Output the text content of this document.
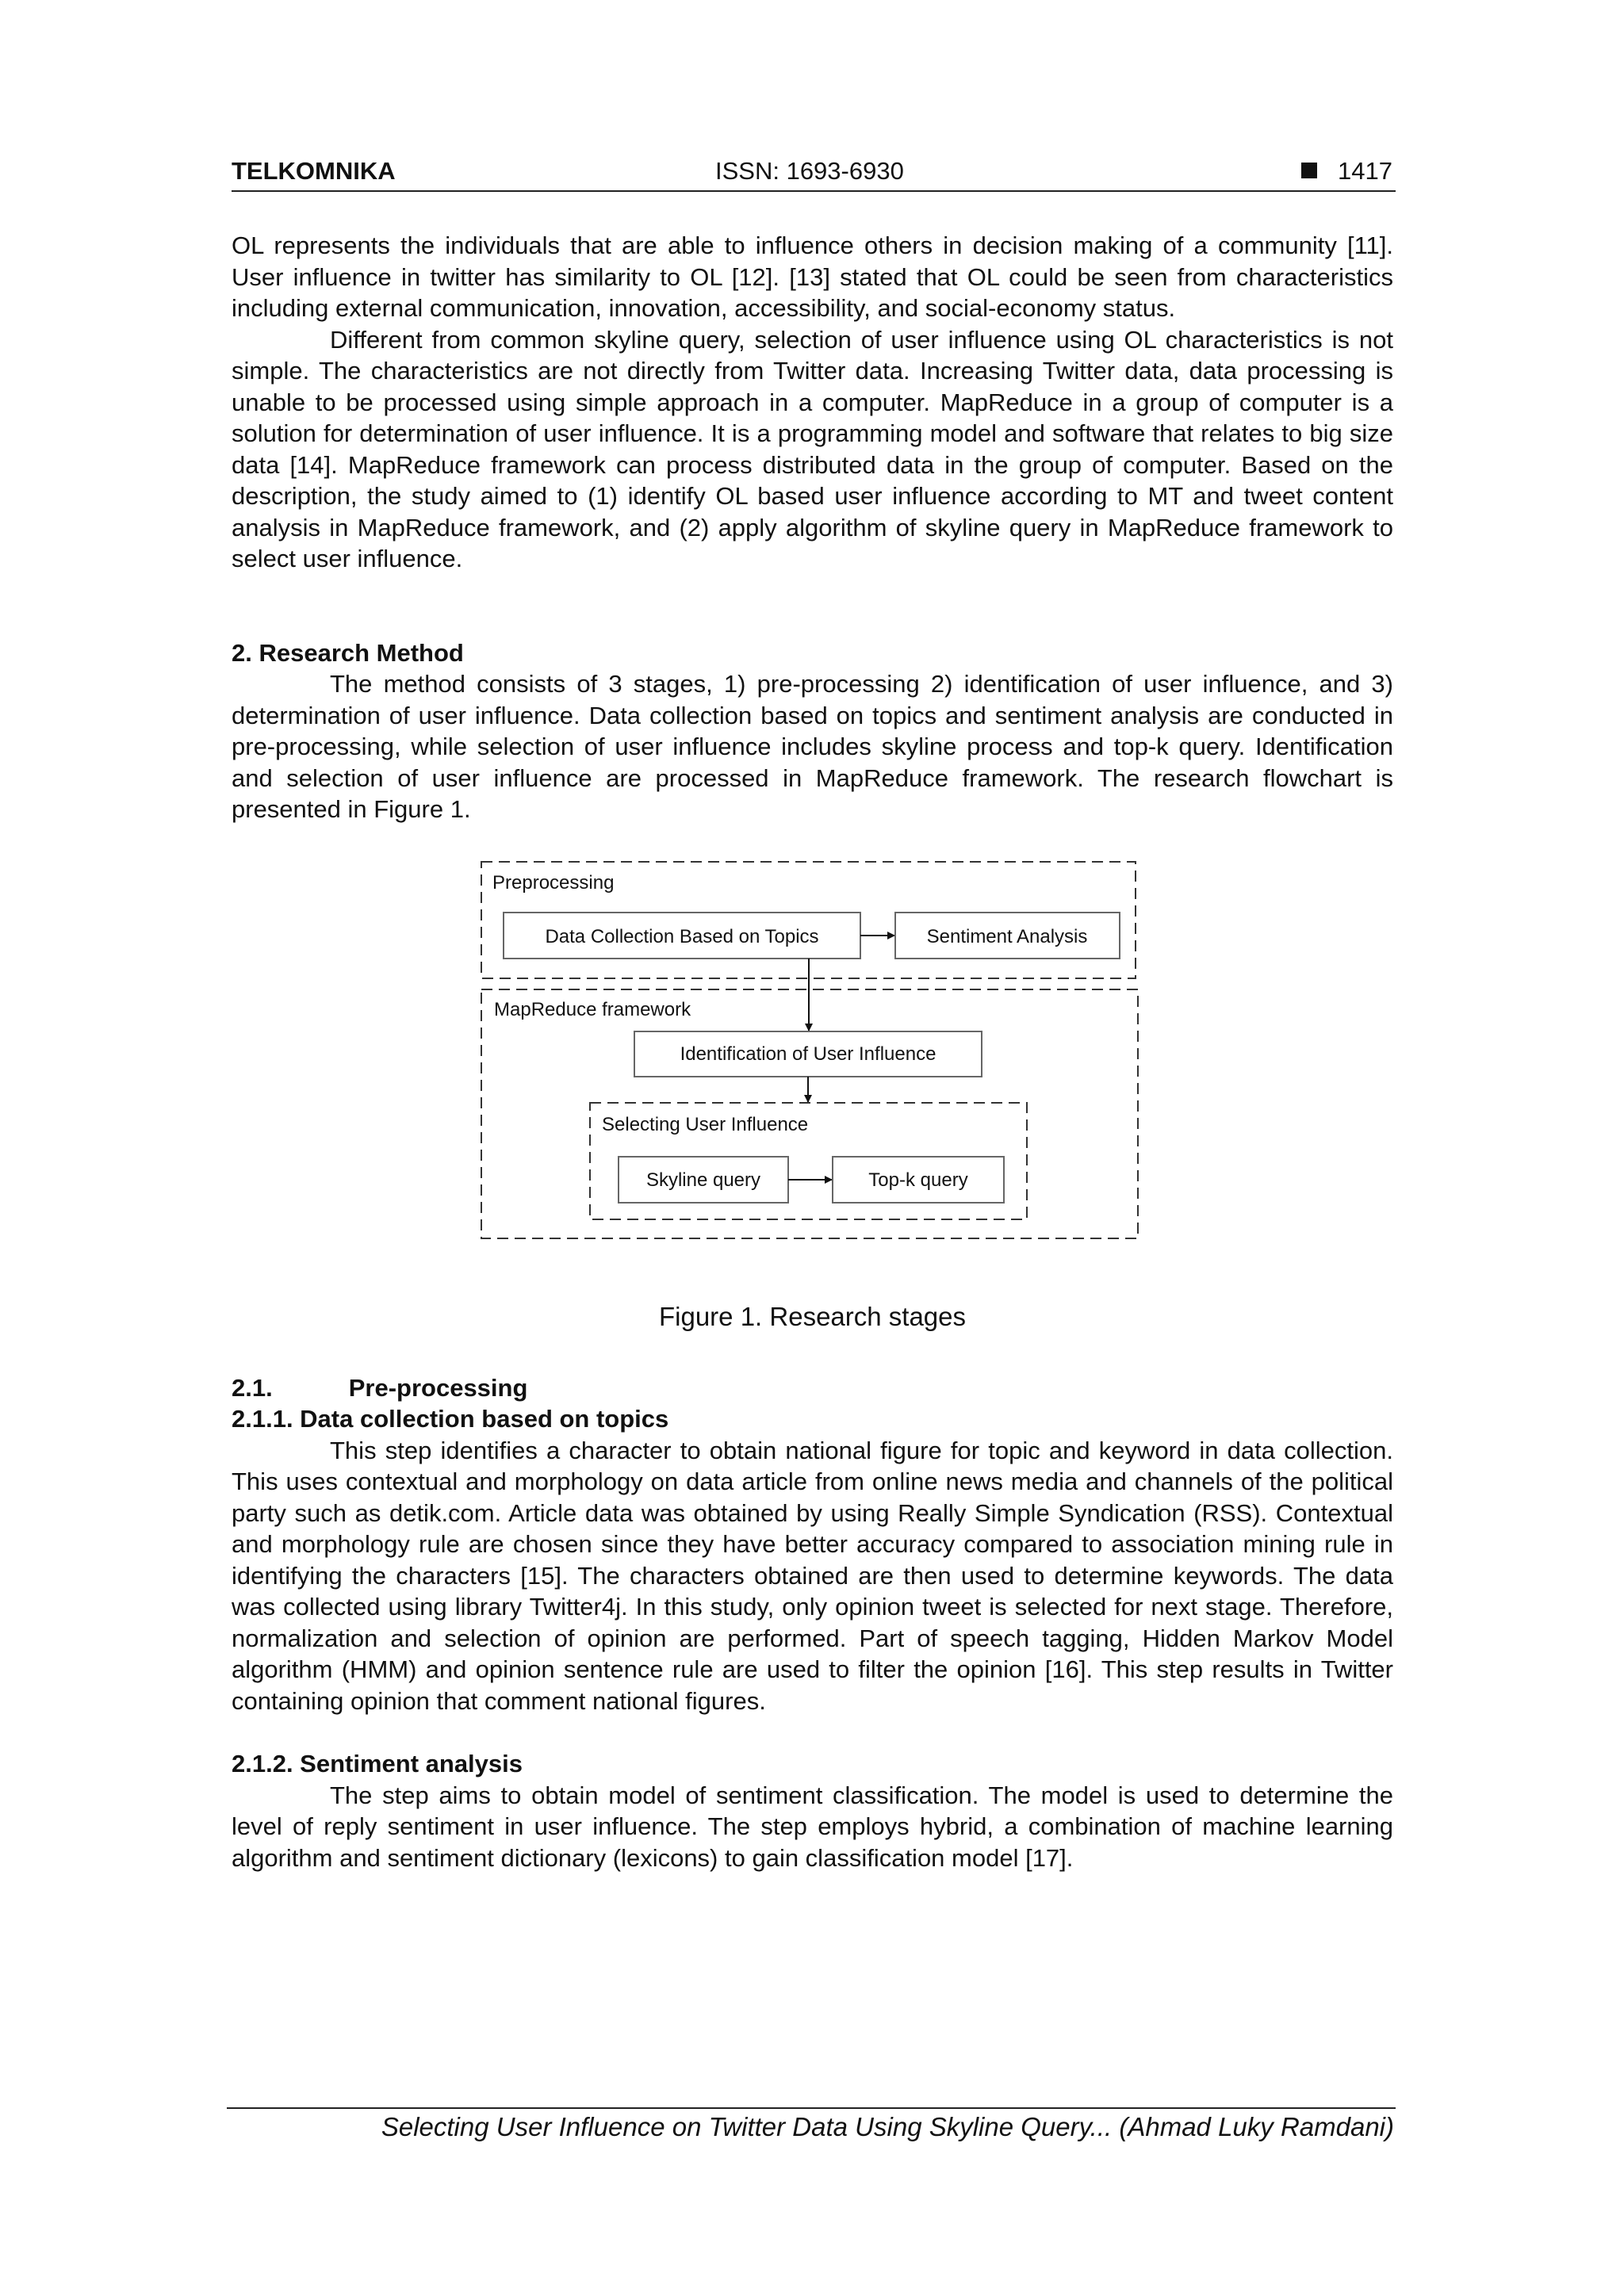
TELKOMNIKA	ISSN: 1693-6930	1417

OL represents the individuals that are able to influence others in decision making of a community [11]. User influence in twitter has similarity to OL [12]. [13] stated that OL could be seen from characteristics including external communication, innovation, accessibility, and social-economy status.

Different from common skyline query, selection of user influence using OL characteristics is not simple. The characteristics are not directly from Twitter data. Increasing Twitter data, data processing is unable to be processed using simple approach in a computer. MapReduce in a group of computer is a solution for determination of user influence. It is a programming model and software that relates to big size data [14]. MapReduce framework can process distributed data in the group of computer. Based on the description, the study aimed to (1) identify OL based user influence according to MT and tweet content analysis in MapReduce framework, and (2) apply algorithm of skyline query in MapReduce framework to select user influence.

2. Research Method

The method consists of 3 stages, 1) pre-processing 2) identification of user influence, and 3) determination of user influence. Data collection based on topics and sentiment analysis are conducted in pre-processing, while selection of user influence includes skyline process and top-k query. Identification and selection of user influence are processed in MapReduce framework. The research flowchart is presented in Figure 1.

Preprocessing
Data Collection Based on Topics	Sentiment Analysis
MapReduce framework
Identification of User Influence
Selecting User Influence
Skyline query	Top-k query
Figure 1. Research stages
2.1.	Pre-processing
2.1.1. Data collection based on topics

This step identifies a character to obtain national figure for topic and keyword in data collection. This uses contextual and morphology on data article from online news media and channels of the political party such as detik.com. Article data was obtained by using Really Simple Syndication (RSS). Contextual and morphology rule are chosen since they have better accuracy compared to association mining rule in identifying the characters [15]. The characters obtained are then used to determine keywords. The data was collected using library Twitter4j. In this study, only opinion tweet is selected for next stage. Therefore, normalization and selection of opinion are performed. Part of speech tagging, Hidden Markov Model algorithm (HMM) and opinion sentence rule are used to filter the opinion [16]. This step results in Twitter containing opinion that comment national figures.

2.1.2. Sentiment analysis

The step aims to obtain model of sentiment classification. The model is used to determine the level of reply sentiment in user influence. The step employs hybrid, a combination of machine learning algorithm and sentiment dictionary (lexicons) to gain classification model [17].

Selecting User Influence on Twitter Data Using Skyline Query... (Ahmad Luky Ramdani)
